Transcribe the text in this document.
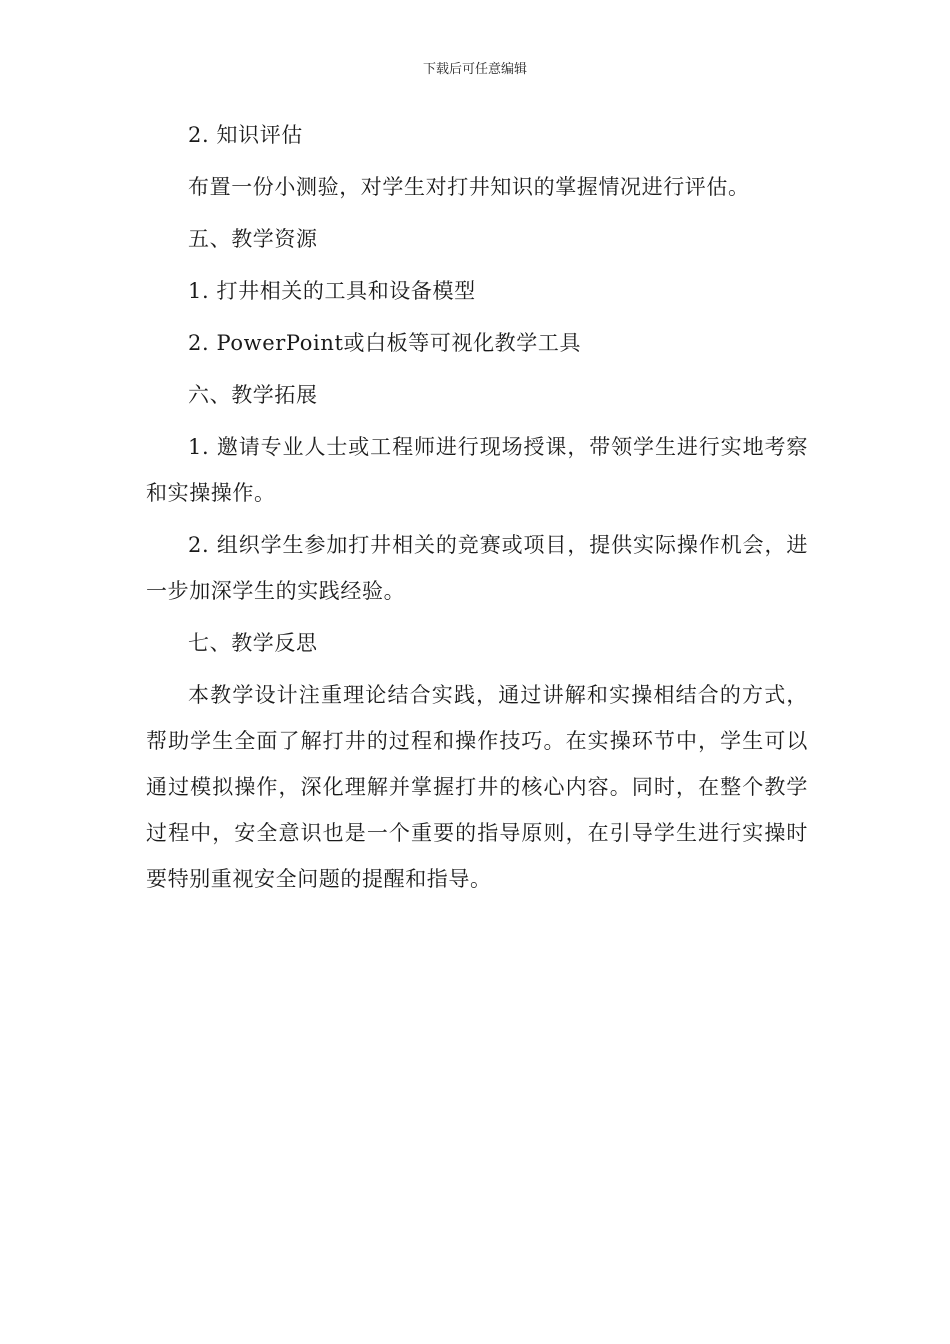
下载后可任意编辑

2. 知识评估

布置一份小测验，对学生对打井知识的掌握情况进行评估。

五、教学资源

1. 打井相关的工具和设备模型

2. PowerPoint或白板等可视化教学工具

六、教学拓展

1. 邀请专业人士或工程师进行现场授课，带领学生进行实地考察和实操操作。

2. 组织学生参加打井相关的竞赛或项目，提供实际操作机会，进一步加深学生的实践经验。

七、教学反思

本教学设计注重理论结合实践，通过讲解和实操相结合的方式，帮助学生全面了解打井的过程和操作技巧。在实操环节中，学生可以通过模拟操作，深化理解并掌握打井的核心内容。同时，在整个教学过程中，安全意识也是一个重要的指导原则，在引导学生进行实操时要特别重视安全问题的提醒和指导。
